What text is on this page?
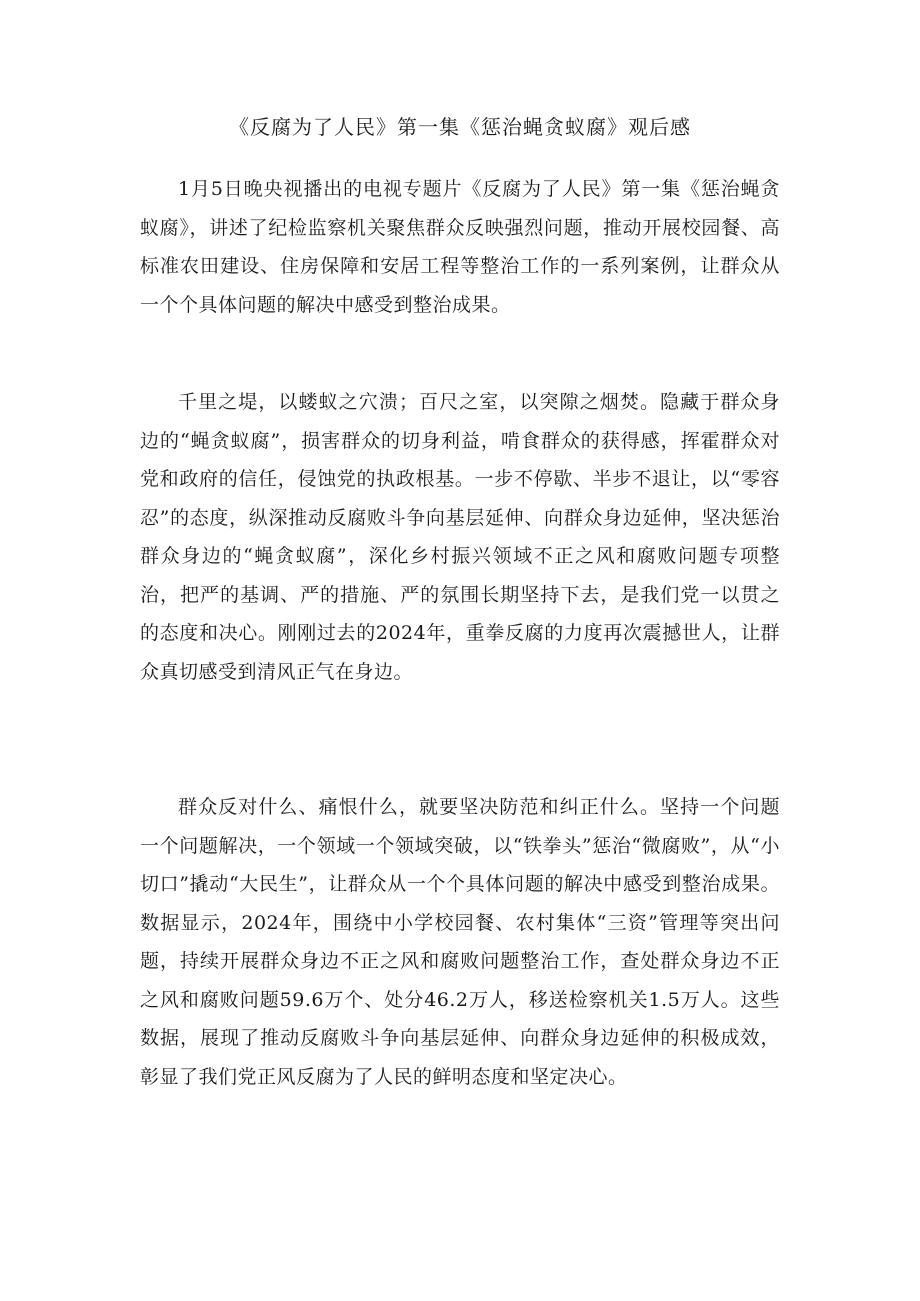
《反腐为了人民》第一集《惩治蝇贪蚁腐》观后感

1月5日晚央视播出的电视专题片《反腐为了人民》第一集《惩治蝇贪蚁腐》，讲述了纪检监察机关聚焦群众反映强烈问题，推动开展校园餐、高标准农田建设、住房保障和安居工程等整治工作的一系列案例，让群众从一个个具体问题的解决中感受到整治成果。

千里之堤，以蝼蚁之穴溃；百尺之室，以突隙之烟焚。隐藏于群众身边的“蝇贪蚁腐”，损害群众的切身利益，啃食群众的获得感，挥霍群众对党和政府的信任，侵蚀党的执政根基。一步不停歇、半步不退让，以“零容忍”的态度，纵深推动反腐败斗争向基层延伸、向群众身边延伸，坚决惩治群众身边的“蝇贪蚁腐”，深化乡村振兴领域不正之风和腐败问题专项整治，把严的基调、严的措施、严的氛围长期坚持下去，是我们党一以贯之的态度和决心。刚刚过去的2024年，重拳反腐的力度再次震撼世人，让群众真切感受到清风正气在身边。

群众反对什么、痛恨什么，就要坚决防范和纠正什么。坚持一个问题一个问题解决，一个领域一个领域突破，以“铁拳头”惩治“微腐败”，从“小切口”撬动“大民生”，让群众从一个个具体问题的解决中感受到整治成果。数据显示，2024年，围绕中小学校园餐、农村集体“三资”管理等突出问题，持续开展群众身边不正之风和腐败问题整治工作，查处群众身边不正之风和腐败问题59.6万个、处分46.2万人，移送检察机关1.5万人。这些数据，展现了推动反腐败斗争向基层延伸、向群众身边延伸的积极成效，彰显了我们党正风反腐为了人民的鲜明态度和坚定决心。
